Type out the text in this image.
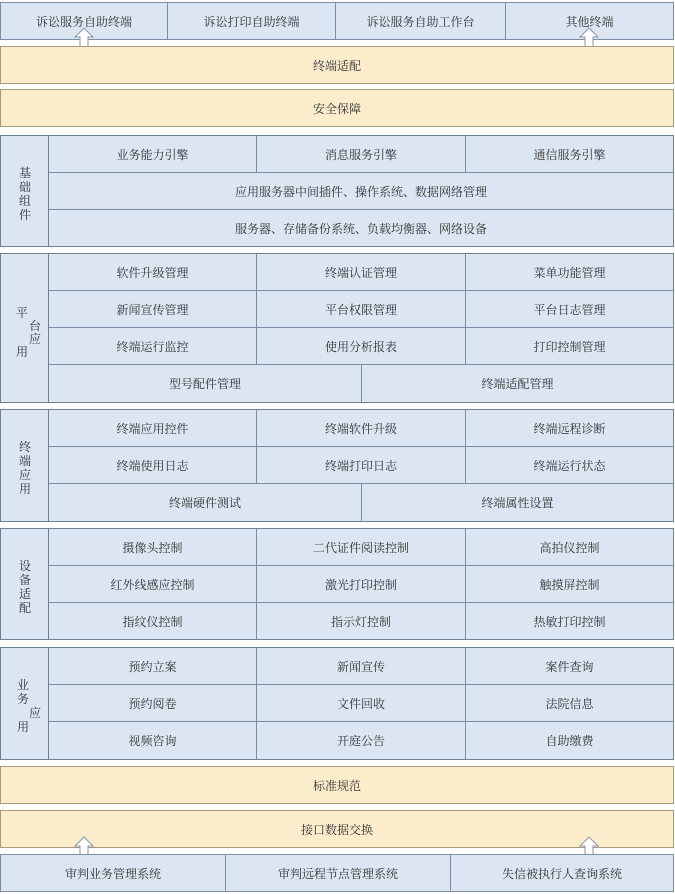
诉讼服务自助终端	诉讼打印自助终端	诉讼服务自助工作台	其他终端
终端适配
安全保障
基
础
组
件
业务能力引擎	消息服务引擎	通信服务引擎
应用服务器中间插件、操作系统、数据网络管理
服务器、存储备份系统、负载均衡器、网络设备
平
台
应
用
软件升级管理	终端认证管理	菜单功能管理
新闻宣传管理	平台权限管理	平台日志管理
终端运行监控	使用分析报表	打印控制管理
型号配件管理	终端适配管理
终
端
应
用
终端应用控件	终端软件升级	终端远程诊断
终端使用日志	终端打印日志	终端运行状态
终端硬件测试	终端属性设置
设
备
适
配
摄像头控制	二代证件阅读控制	高拍仪控制
红外线感应控制	激光打印控制	触摸屏控制
指纹仪控制	指示灯控制	热敏打印控制
业
务
应
用
预约立案	新闻宣传	案件查询
预约阅卷	文件回收	法院信息
视频咨询	开庭公告	自助缴费
标准规范
接口数据交换
审判业务管理系统	审判远程节点管理系统	失信被执行人查询系统
